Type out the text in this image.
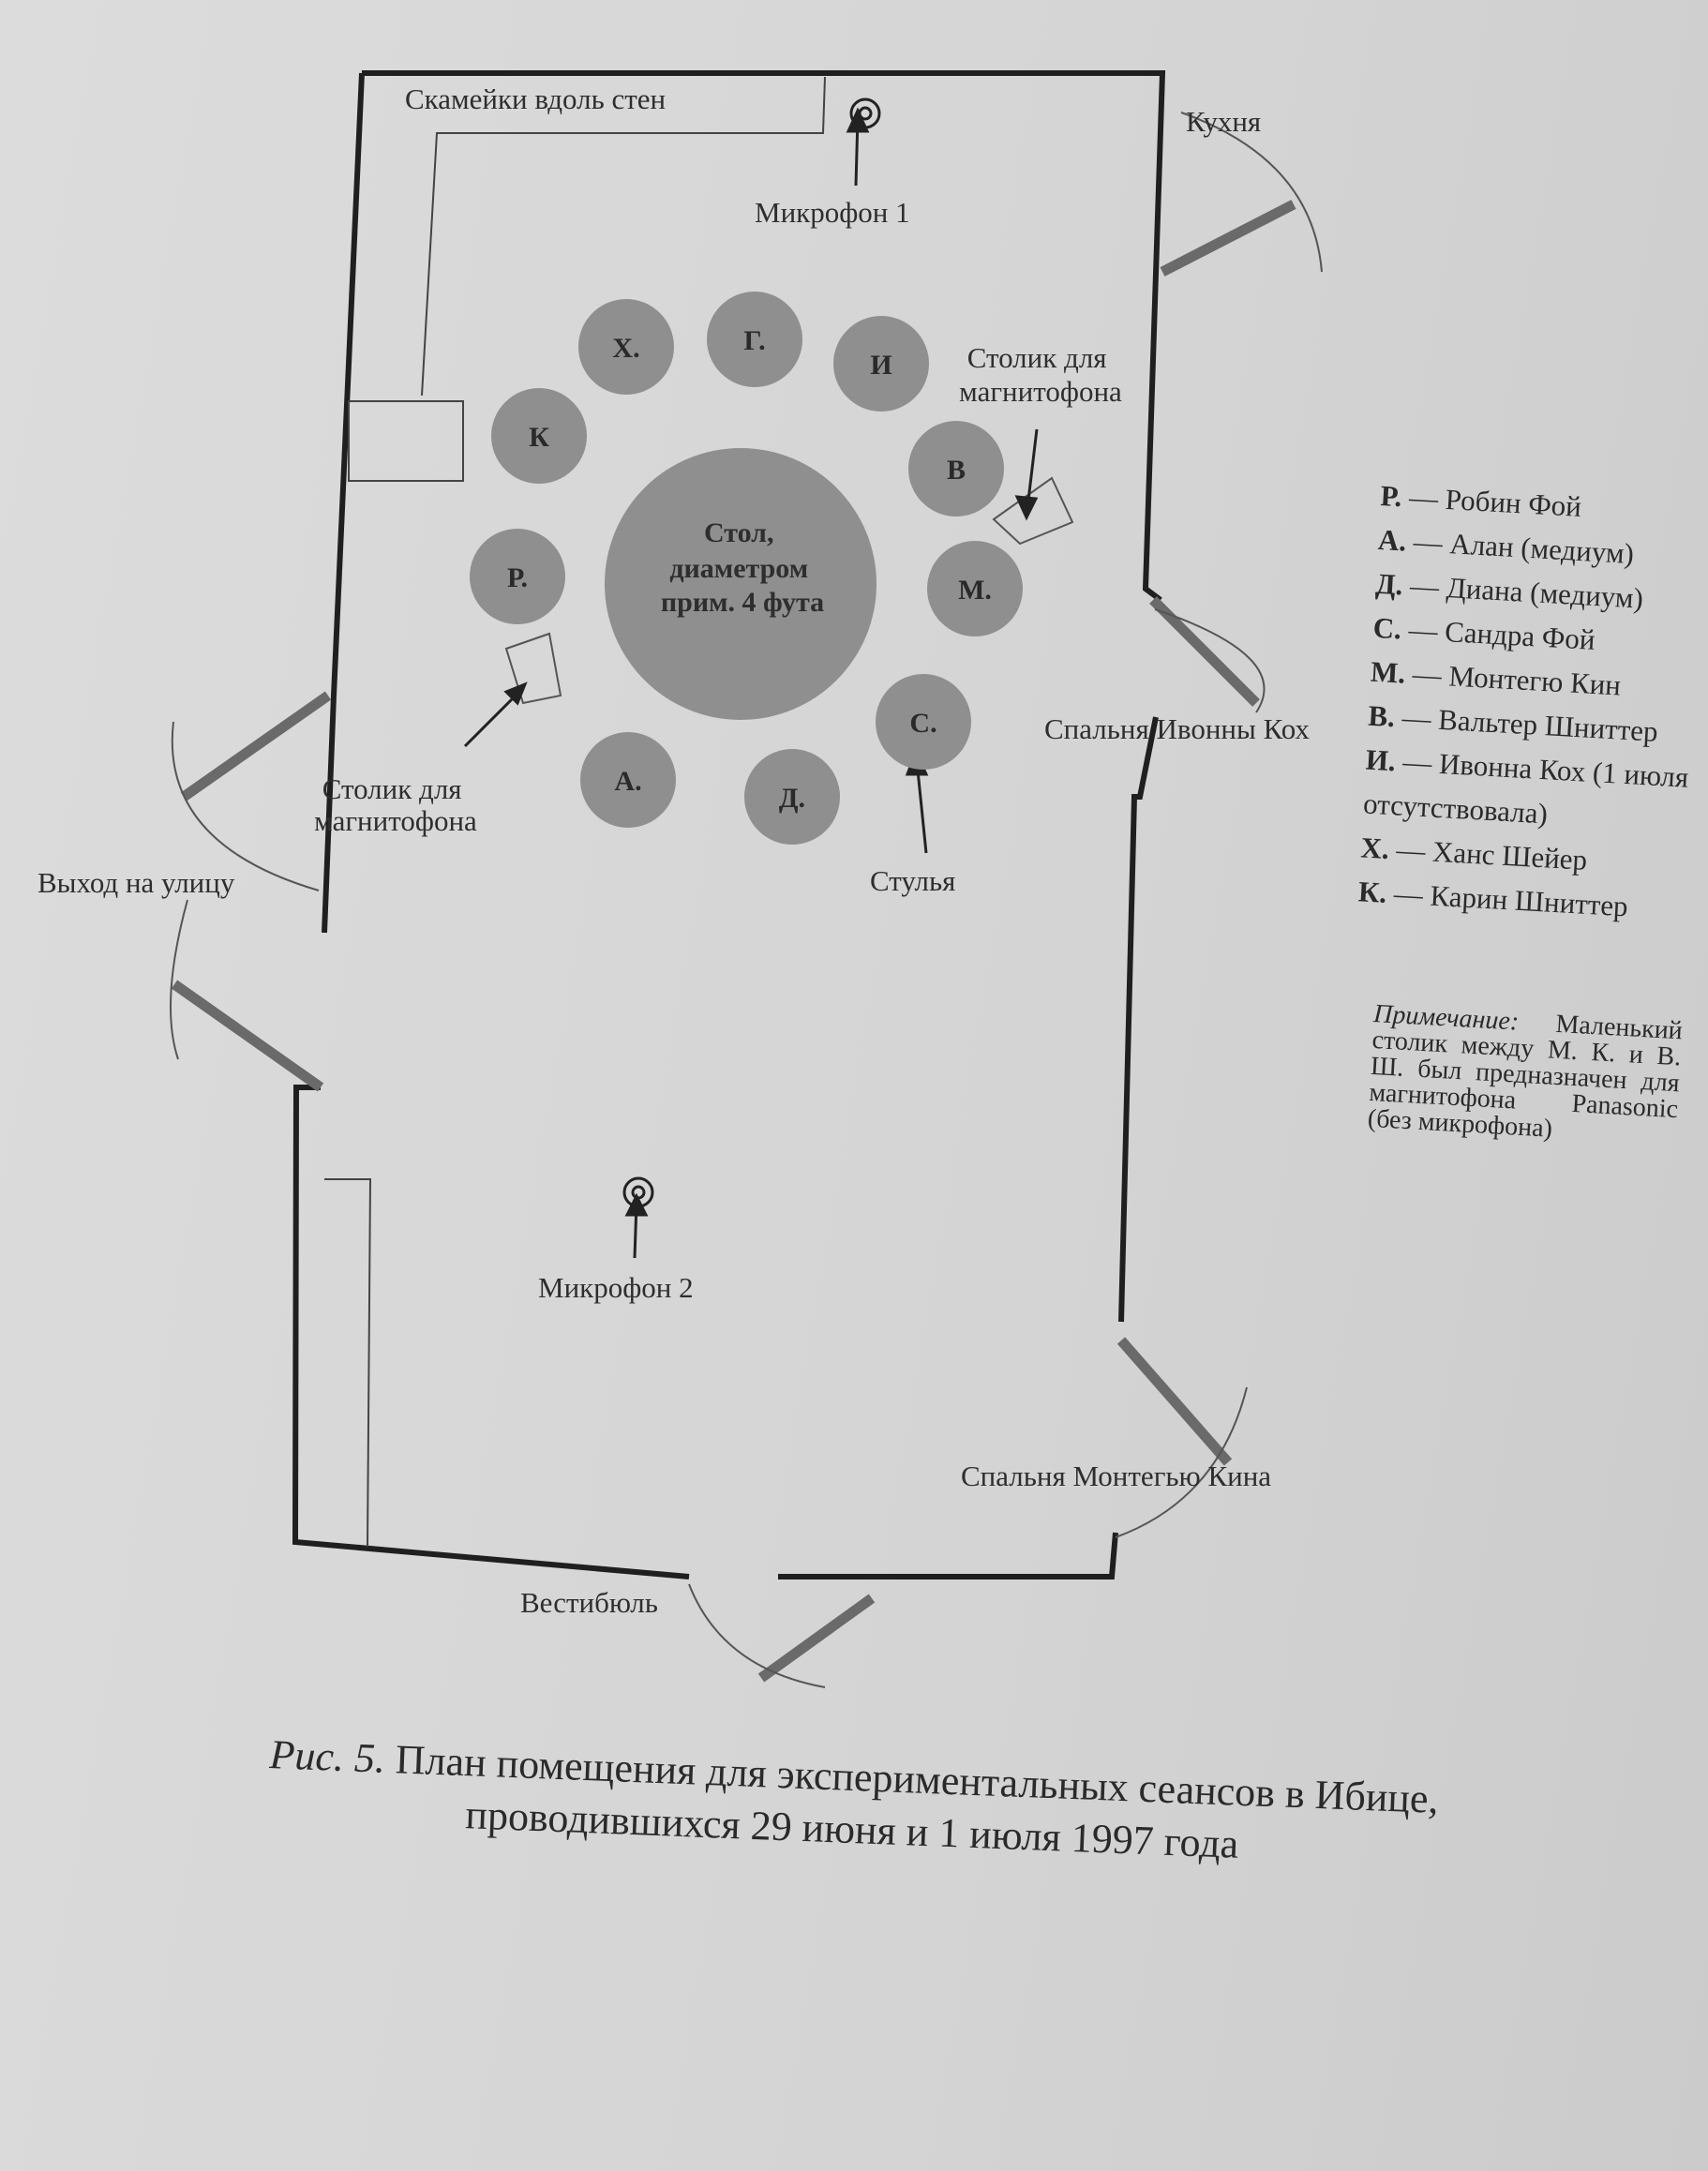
Стол, диаметром прим. 4 фута
Х.	Г.
И
К
В
Р.	М.
С.
А.
Д.
Скамейки вдоль стен
Микрофон 1
Кухня
Столик для магнитофона
Столик для магнитофона
Стулья
Спальня Ивонны Кох
Выход на улицу
Микрофон 2
Спальня Монтегью Кина
Вестибюль
Р. — Робин Фой
А. — Алан (медиум)
Д. — Диана (медиум)
С. — Сандра Фой
М. — Монтегю Кин
В. — Вальтер Шниттер
И. — Ивонна Кох (1 июля
отсутствовала)
Х. — Ханс Шейер
К. — Карин Шниттер
Примечание: Маленький столик между М. К. и В. Ш. был предназначен для магнитофона Panasonic (без микрофона)
Рис. 5. План помещения для экспериментальных сеансов в Ибице, проводившихся 29 июня и 1 июля 1997 года
